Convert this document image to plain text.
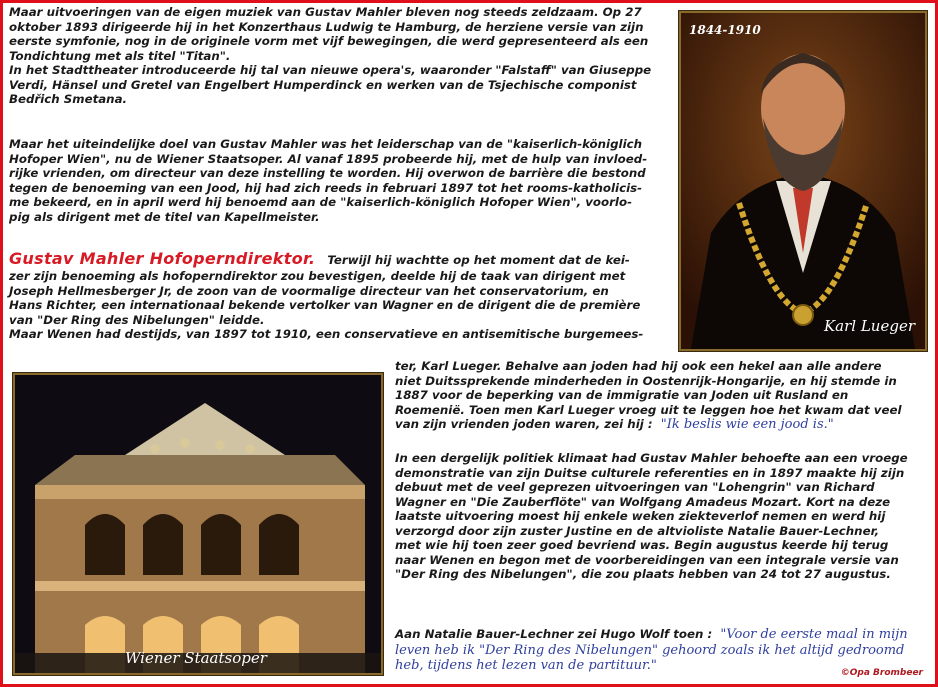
Maar uitvoeringen van de eigen muziek van Gustav Mahler bleven nog steeds zeldzaam. Op 27
oktober 1893 dirigeerde hij in het Konzerthaus Ludwig te Hamburg, de herziene versie van zijn
eerste symfonie, nog in de originele vorm met vijf bewegingen, die werd gepresenteerd als een
Tondichtung met als titel "Titan".
In het Stadttheater introduceerde hij tal van nieuwe opera's, waaronder "Falstaff" van Giuseppe
Verdi, Hänsel und Gretel van Engelbert Humperdinck en werken van de Tsjechische componist
Bedřich Smetana.
Maar het uiteindelijke doel van Gustav Mahler was het leiderschap van de "kaiserlich-königlich
Hofoper Wien", nu de Wiener Staatsoper. Al vanaf 1895 probeerde hij, met de hulp van invloed-
rijke vrienden, om directeur van deze instelling te worden. Hij overwon de barrière die bestond
tegen de benoeming van een Jood, hij had zich reeds in februari 1897 tot het rooms-katholicis-
me bekeerd, en in april werd hij benoemd aan de "kaiserlich-königlich Hofoper Wien", voorlo-
pig als dirigent met de titel van Kapellmeister.
Gustav Mahler Hofoperndirektor. Terwijl hij wachtte op het moment dat de kei-
zer zijn benoeming als hofoperndirektor zou bevestigen, deelde hij de taak van dirigent met
Joseph Hellmesberger Jr, de zoon van de voormalige directeur van het conservatorium, en
Hans Richter, een internationaal bekende vertolker van Wagner en de dirigent die de première
van "Der Ring des Nibelungen" leidde.
Maar Wenen had destijds, van 1897 tot 1910, een conservatieve en antisemitische burgemees-
1844-1910
Karl Lueger
ter, Karl Lueger. Behalve aan joden had hij ook een hekel aan alle andere
niet Duitssprekende minderheden in Oostenrijk-Hongarije, en hij stemde in
1887 voor de beperking van de immigratie van Joden uit Rusland en
Roemenië. Toen men Karl Lueger vroeg uit te leggen hoe het kwam dat veel
van zijn vrienden joden waren, zei hij : "Ik beslis wie een jood is."
Wiener Staatsoper
In een dergelijk politiek klimaat had Gustav Mahler behoefte aan een vroege
demonstratie van zijn Duitse culturele referenties en in 1897 maakte hij zijn
debuut met de veel geprezen uitvoeringen van "Lohengrin" van Richard
Wagner en "Die Zauberflöte" van Wolfgang Amadeus Mozart. Kort na deze
laatste uitvoering moest hij enkele weken ziekteverlof nemen en werd hij
verzorgd door zijn zuster Justine en de altvioliste Natalie Bauer-Lechner,
met wie hij toen zeer goed bevriend was. Begin augustus keerde hij terug
naar Wenen en begon met de voorbereidingen van een integrale versie van
"Der Ring des Nibelungen", die zou plaats hebben van 24 tot 27 augustus.
Aan Natalie Bauer-Lechner zei Hugo Wolf toen : "Voor de eerste maal in mijn
leven heb ik "Der Ring des Nibelungen" gehoord zoals ik het altijd gedroomd
heb, tijdens het lezen van de partituur."	©Opa Brombeer
